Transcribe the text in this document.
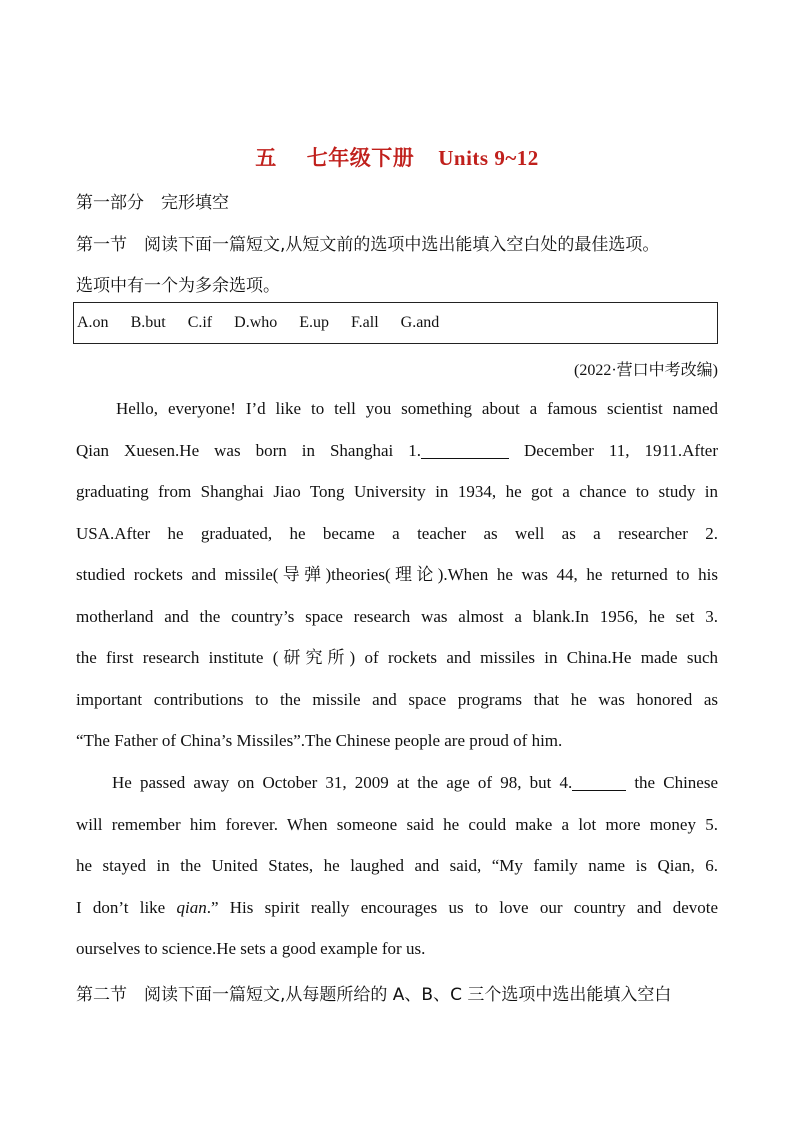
五 七年级下册 Units 9~12
第一部分　完形填空
第一节 阅读下面一篇短文,从短文前的选项中选出能填入空白处的最佳选项。
选项中有一个为多余选项。
A.on B.but C.if D.who E.up F.all G.and
(2022·营口中考改编)
Hello, everyone! I’d like to tell you something about a famous scientist named
Qian Xuesen.He was born in Shanghai 1.	December 11, 1911.After
graduating from Shanghai Jiao Tong University in 1934, he got a chance to study in
USA.After he graduated, he became a teacher as well as a researcher 2.
studied rockets and missile(导弹)theories(理论).When he was 44, he returned to his
motherland and the country’s space research was almost a blank.In 1956, he set 3.
the first research institute (研究所) of rockets and missiles in China.He made such
important contributions to the missile and space programs that he was honored as
“The Father of China’s Missiles”.The Chinese people are proud of him.
He passed away on October 31, 2009 at the age of 98, but 4.	the Chinese
will remember him forever. When someone said he could make a lot more money 5.
he stayed in the United States, he laughed and said, “My family name is Qian, 6.
I don’t like qian.” His spirit really encourages us to love our country and devote
ourselves to science.He sets a good example for us.
第二节 阅读下面一篇短文,从每题所给的 A、B、C 三个选项中选出能填入空白
